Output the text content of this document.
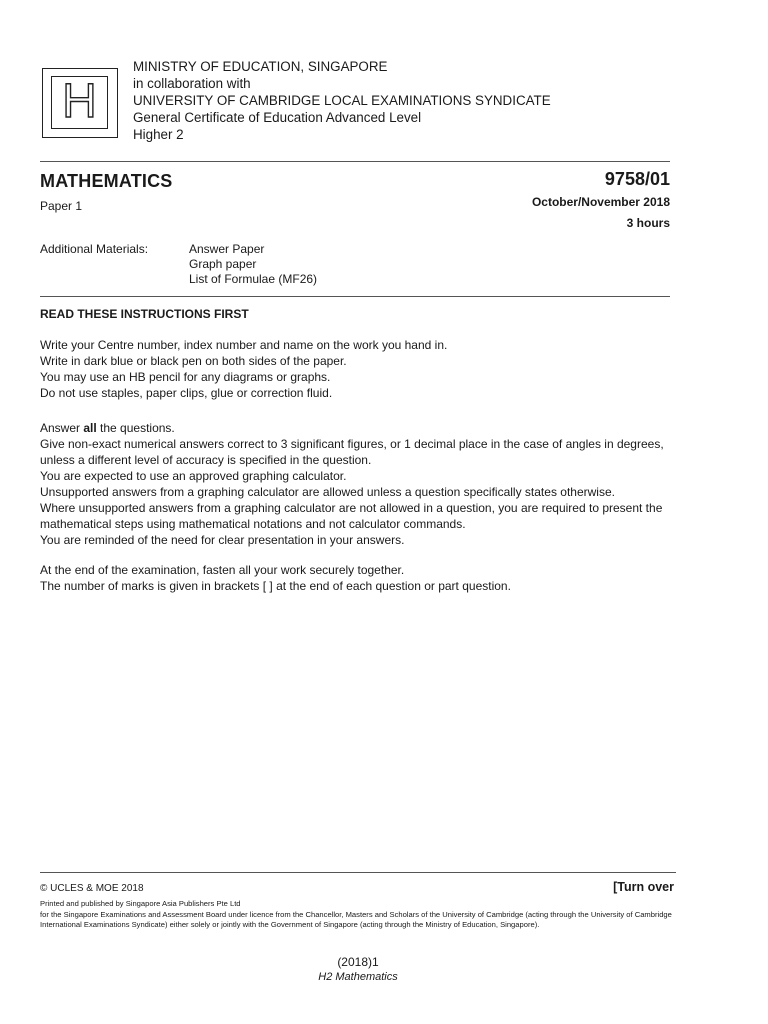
H
MINISTRY OF EDUCATION, SINGAPORE
in collaboration with
UNIVERSITY OF CAMBRIDGE LOCAL EXAMINATIONS SYNDICATE
General Certificate of Education Advanced Level
Higher 2
MATHEMATICS
Paper 1
9758/01
October/November 2018
3 hours
Additional Materials:	Answer Paper
Graph paper
List of Formulae (MF26)
READ THESE INSTRUCTIONS FIRST

Write your Centre number, index number and name on the work you hand in.

Write in dark blue or black pen on both sides of the paper.

You may use an HB pencil for any diagrams or graphs.

Do not use staples, paper clips, glue or correction fluid.

Answer all the questions.

Give non-exact numerical answers correct to 3 significant figures, or 1 decimal place in the case of angles in degrees, unless a different level of accuracy is specified in the question.

You are expected to use an approved graphing calculator.

Unsupported answers from a graphing calculator are allowed unless a question specifically states otherwise.

Where unsupported answers from a graphing calculator are not allowed in a question, you are required to present the mathematical steps using mathematical notations and not calculator commands.

You are reminded of the need for clear presentation in your answers.

At the end of the examination, fasten all your work securely together.

The number of marks is given in brackets [ ] at the end of each question or part question.

© UCLES & MOE 2018	[Turn over
Printed and published by Singapore Asia Publishers Pte Ltd
for the Singapore Examinations and Assessment Board under licence from the Chancellor, Masters and Scholars of the University of Cambridge (acting through the University of Cambridge International Examinations Syndicate) either solely or jointly with the Government of Singapore (acting through the Ministry of Education, Singapore).
(2018)1
H2 Mathematics
